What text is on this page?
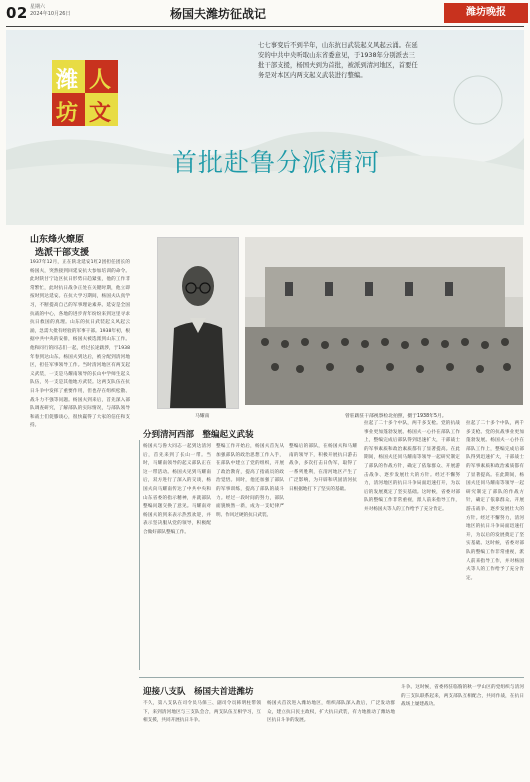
02 星期六
2024年10月26日	杨国夫潍坊征战记	潍坊晚报
七七事变后不到半年，山东抗日武装起义风起云涌。在延安的中共中央听取山东省委意见，于1938年分别派去三批干部支援，杨国夫到为首批，被派到清河地区，首要任务是对本区内两支起义武装进行整编。
潍 人
坊 文
首批赴鲁分派清河
山东烽火燎原
选派干部支援
1937年12月，正在陕北延安1红2团担任团长的杨国夫，突然接到回延安抗大参加培训的命令。此时陕甘宁边区抗日形势日趋紧张，他的工作非常繁忙，此时抗日战争正处在关键时期，他立即按时到达延安。在抗大学习期间，杨国夫认真学习，不断提高自己的军事理论素养。延安是全国抗战的中心，各地的进步青年纷纷来到这里寻求抗日救国的真理。山东的抗日武装起义风起云涌，急需大批有经验的军事干部。1938年初，根据中共中央的安排，杨国夫被选派到山东工作。他和同行的同志们一起，经过长途跋涉，于1938年春到达山东。杨国夫到达后，被分配到清河地区，担任军事领导工作。当时清河地区有两支起义武装，一支是马耀南领导的长山中学师生起义队伍，另一支是其他地方武装。这两支队伍在抗日斗争中发挥了重要作用，但也存在组织松散、战斗力不强等问题。杨国夫到来后，首先深入部队调查研究，了解部队的实际情况，与部队领导和战士们促膝谈心，很快赢得了大家的信任和支持。
马耀南	曾驻跋驻干部视察检北拍照，摄于1938年5月。
分到清河西部　整编起义武装
杨国夫与鲁大同志一起到达清河后，首先来到了长山一带。当时，马耀南领导的起义部队正在这一带活动。杨国夫见到马耀南后，双方进行了深入的交谈，杨国夫向马耀南传达了中共中央和山东省委的指示精神，并就部队整编问题交换了意见。马耀南对杨国夫的到来表示热烈欢迎，并表示坚决服从党的领导，积极配合做好部队整编工作。
整编工作开始后，杨国夫首先从加强部队的政治思想工作入手，在部队中建立了党的组织，开展了政治教育，提高了指战员的政治觉悟。同时，他还加强了部队的军事训练，提高了部队的战斗力。经过一段时间的努力，部队面貌焕然一新，成为一支纪律严明、作风过硬的抗日武装。
整编后的部队，在杨国夫和马耀南的领导下，积极开展抗日游击战争，多次打击日伪军，取得了一系列胜利，在清河地区产生了广泛影响，为开辟和巩固清河抗日根据地打下了坚实的基础。
拉起了二十多个中队，两千多支枪。党的抗战事业更加蓬勃发展。杨国夫一心扑在部队工作上，整编完成后部队得到迅速扩大，干部战士的军事素质和政治素质都有了显著提高。在此期间，杨国夫还同马耀南等领导一起研究制定了部队的作战方针，确定了依靠群众、开展游击战争、逐步发展壮大的方针。经过不懈努力，清河地区的抗日斗争局面迅速打开，为以后的发展奠定了坚实基础。这时候，省委对部队的整编工作非常重视，派人前来指导工作，并对杨国夫等人的工作给予了充分肯定。
拉起了二十多个中队，两千多支枪。党的抗战事业更加蓬勃发展。杨国夫一心扑在部队工作上，整编完成后部队得到迅速扩大，干部战士的军事素质和政治素质都有了显著提高。在此期间，杨国夫还同马耀南等领导一起研究制定了部队的作战方针，确定了依靠群众、开展游击战争、逐步发展壮大的方针。经过不懈努力，清河地区的抗日斗争局面迅速打开，为以后的发展奠定了坚实基础。这时候，省委对部队的整编工作非常重视，派人前来指导工作，并对杨国夫等人的工作给予了充分肯定。
迎接八支队　杨国夫首进潍坊
不久，第八支队在司令员马保三、副司令员韩明柱带领下，来到清河地区与三支队会合，两支队伍互相学习，互相支援，共同开展抗日斗争。
杨国夫首次进入潍坊地区，组织部队深入敌后，广泛发动群众，建立抗日民主政权，扩大抗日武装，有力地推动了潍坊地区抗日斗争的发展。
斗争。这时候，省委将驻临朐的秋一学山区的党组织与清河的三支队联系起来，两支部队互相配合，共同作战，在抗日战场上屡建战功。
